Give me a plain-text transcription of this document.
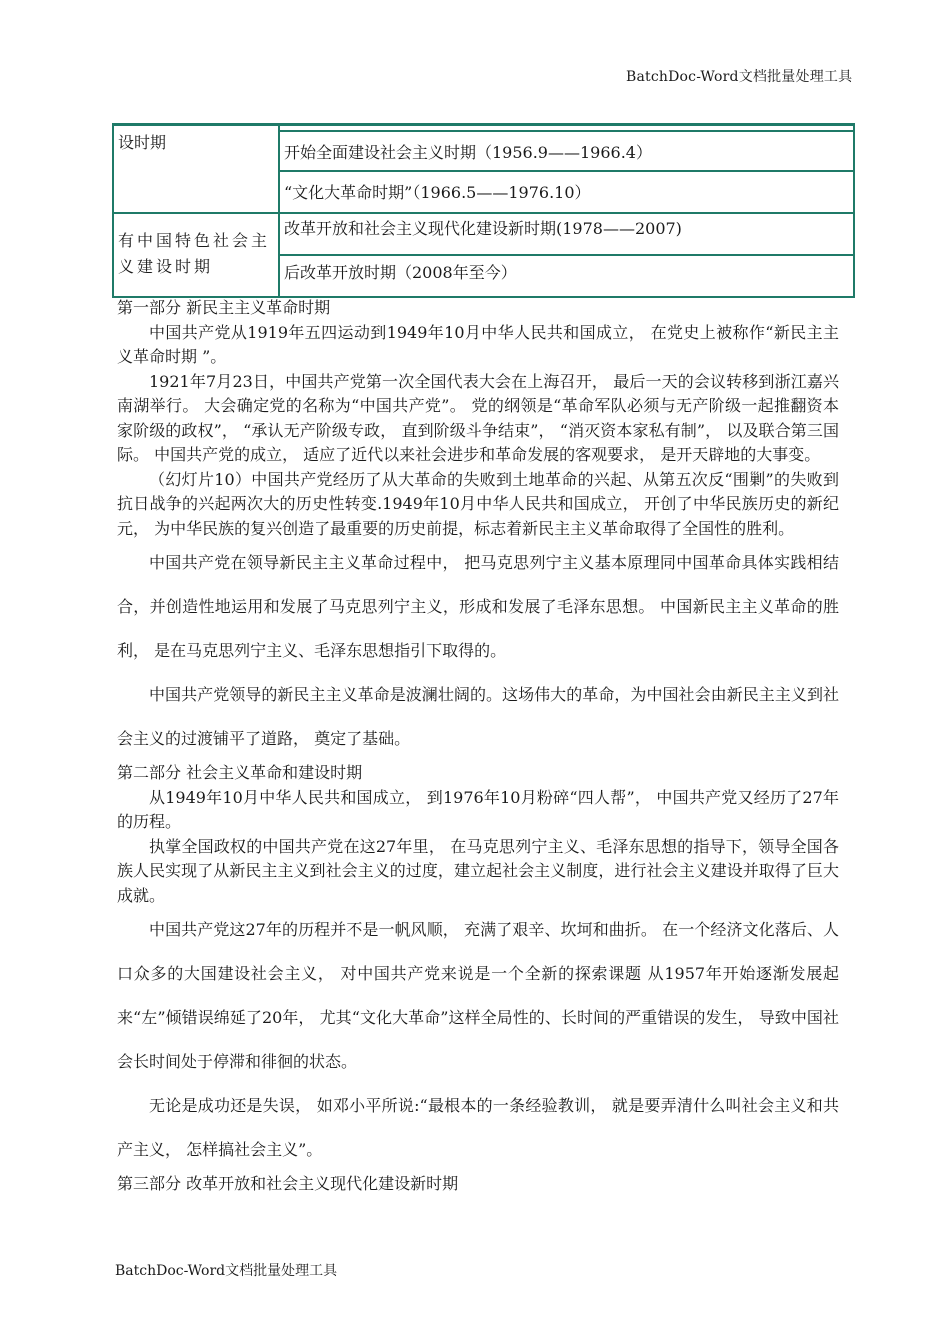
BatchDoc-Word文档批量处理工具
设时期
有中国特色社会主义建设时期
开始全面建设社会主义时期（1956.9——1966.4）
“文化大革命时期”（1966.5——1976.10）
改革开放和社会主义现代化建设新时期(1978——2007)
后改革开放时期（2008年至今）

第一部分 新民主主义革命时期

中国共产党从1919年五四运动到1949年10月中华人民共和国成立， 在党史上被称作“新民主主义革命时期 ”。

1921年7月23日，中国共产党第一次全国代表大会在上海召开， 最后一天的会议转移到浙江嘉兴南湖举行。 大会确定党的名称为“中国共产党”。 党的纲领是“革命军队必须与无产阶级一起推翻资本家阶级的政权”， “承认无产阶级专政， 直到阶级斗争结束”， “消灭资本家私有制”， 以及联合第三国际。 中国共产党的成立， 适应了近代以来社会进步和革命发展的客观要求， 是开天辟地的大事变。

（幻灯片10）中国共产党经历了从大革命的失败到土地革命的兴起、从第五次反“围剿”的失败到抗日战争的兴起两次大的历史性转变.1949年10月中华人民共和国成立， 开创了中华民族历史的新纪元， 为中华民族的复兴创造了最重要的历史前提，标志着新民主主义革命取得了全国性的胜利。

中国共产党在领导新民主主义革命过程中， 把马克思列宁主义基本原理同中国革命具体实践相结合，并创造性地运用和发展了马克思列宁主义，形成和发展了毛泽东思想。 中国新民主主义革命的胜利， 是在马克思列宁主义、毛泽东思想指引下取得的。

中国共产党领导的新民主主义革命是波澜壮阔的。这场伟大的革命，为中国社会由新民主主义到社会主义的过渡铺平了道路， 奠定了基础。

第二部分 社会主义革命和建设时期

从1949年10月中华人民共和国成立， 到1976年10月粉碎“四人帮”， 中国共产党又经历了27年的历程。

执掌全国政权的中国共产党在这27年里， 在马克思列宁主义、毛泽东思想的指导下，领导全国各族人民实现了从新民主主义到社会主义的过度，建立起社会主义制度，进行社会主义建设并取得了巨大成就。

中国共产党这27年的历程并不是一帆风顺， 充满了艰辛、坎坷和曲折。 在一个经济文化落后、人口众多的大国建设社会主义， 对中国共产党来说是一个全新的探索课题 从1957年开始逐渐发展起来“左”倾错误绵延了20年， 尤其“文化大革命”这样全局性的、长时间的严重错误的发生， 导致中国社会长时间处于停滞和徘徊的状态。

无论是成功还是失误， 如邓小平所说:“最根本的一条经验教训， 就是要弄清什么叫社会主义和共产主义， 怎样搞社会主义”。

第三部分 改革开放和社会主义现代化建设新时期

BatchDoc-Word文档批量处理工具
